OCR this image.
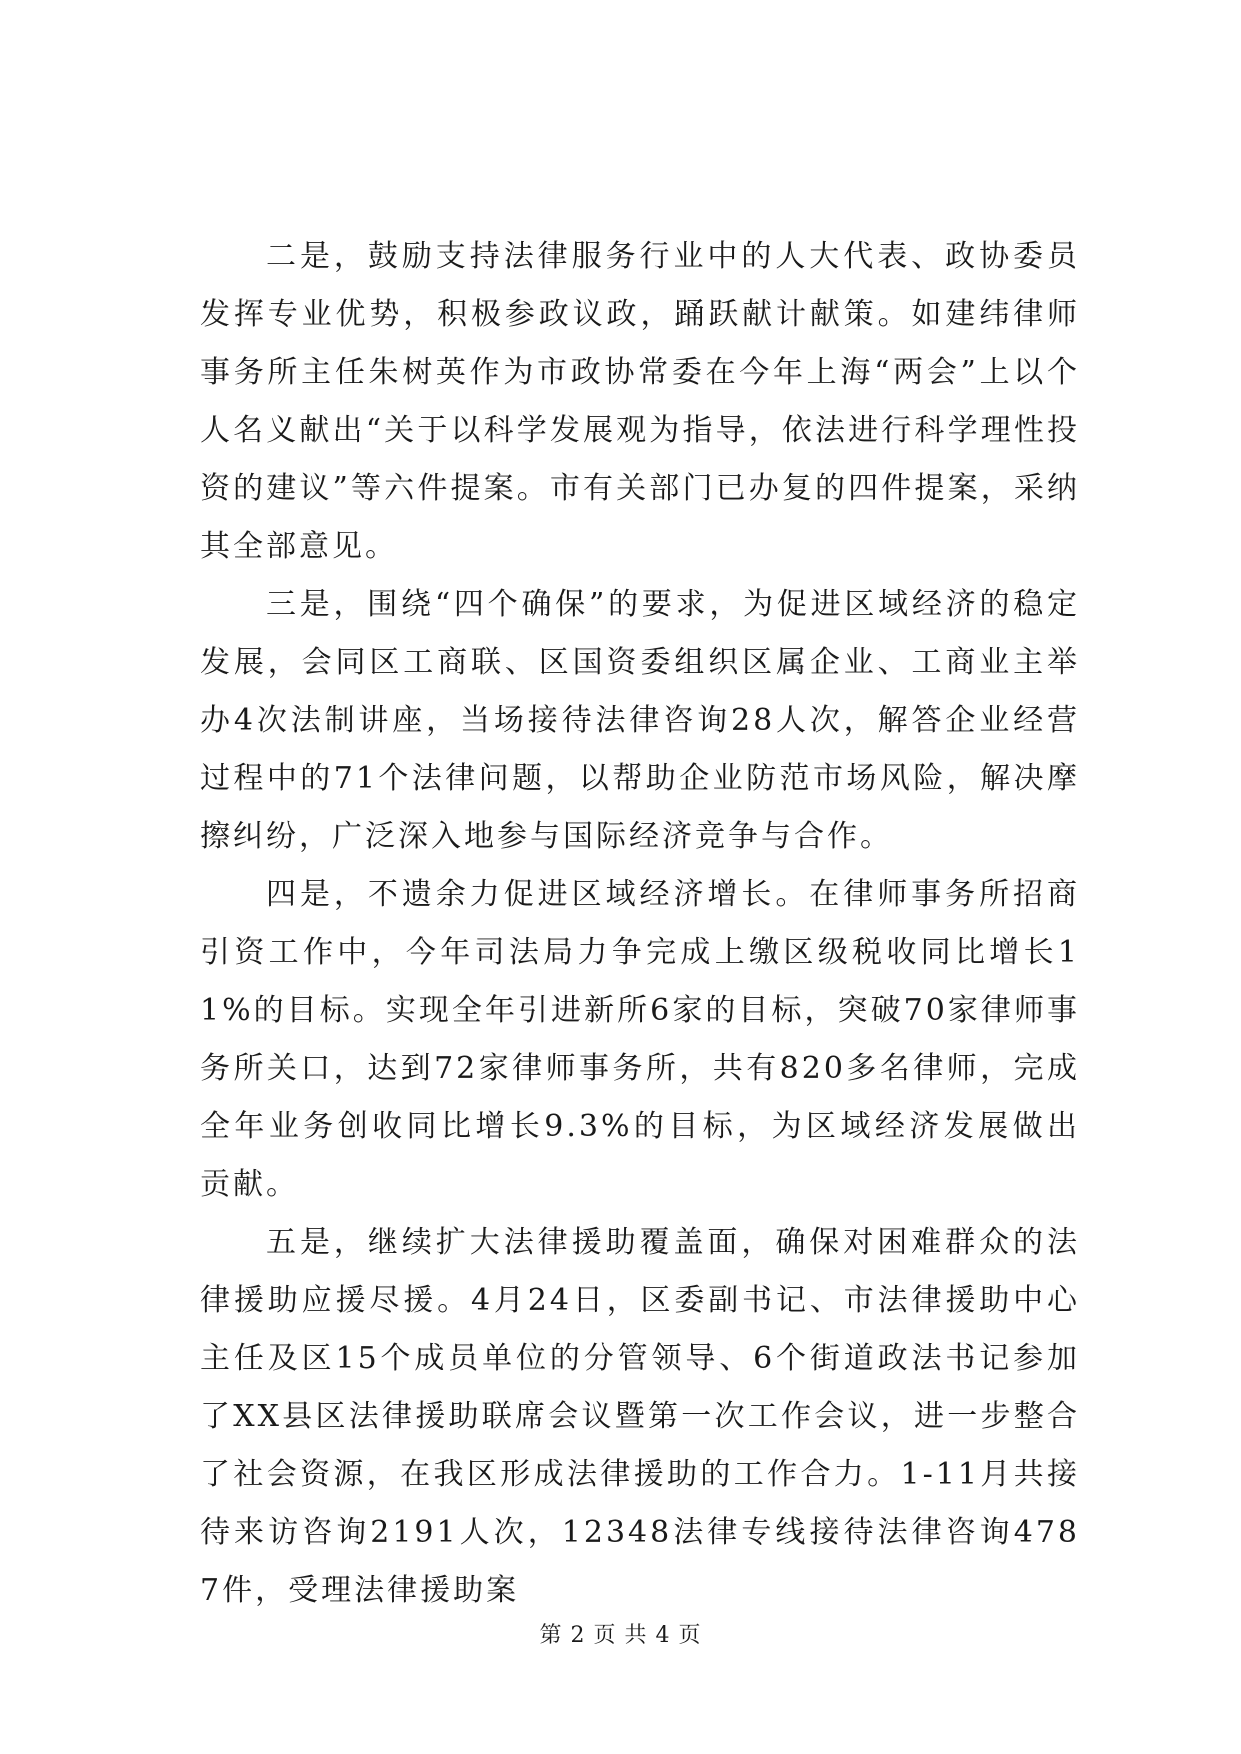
二是，鼓励支持法律服务行业中的人大代表、政协委员发挥专业优势，积极参政议政，踊跃献计献策。如建纬律师事务所主任朱树英作为市政协常委在今年上海“两会”上以个人名义献出“关于以科学发展观为指导，依法进行科学理性投资的建议”等六件提案。市有关部门已办复的四件提案，采纳其全部意见。

三是，围绕“四个确保”的要求，为促进区域经济的稳定发展，会同区工商联、区国资委组织区属企业、工商业主举办4次法制讲座，当场接待法律咨询28人次，解答企业经营过程中的71个法律问题，以帮助企业防范市场风险，解决摩擦纠纷，广泛深入地参与国际经济竞争与合作。

四是，不遗余力促进区域经济增长。在律师事务所招商引资工作中，今年司法局力争完成上缴区级税收同比增长11%的目标。实现全年引进新所6家的目标，突破70家律师事务所关口，达到72家律师事务所，共有820多名律师，完成全年业务创收同比增长9.3%的目标，为区域经济发展做出贡献。

五是，继续扩大法律援助覆盖面，确保对困难群众的法律援助应援尽援。4月24日，区委副书记、市法律援助中心主任及区15个成员单位的分管领导、6个街道政法书记参加了XX县区法律援助联席会议暨第一次工作会议，进一步整合了社会资源，在我区形成法律援助的工作合力。1-11月共接待来访咨询2191人次，12348法律专线接待法律咨询4787件，受理法律援助案

第 2 页 共 4 页
